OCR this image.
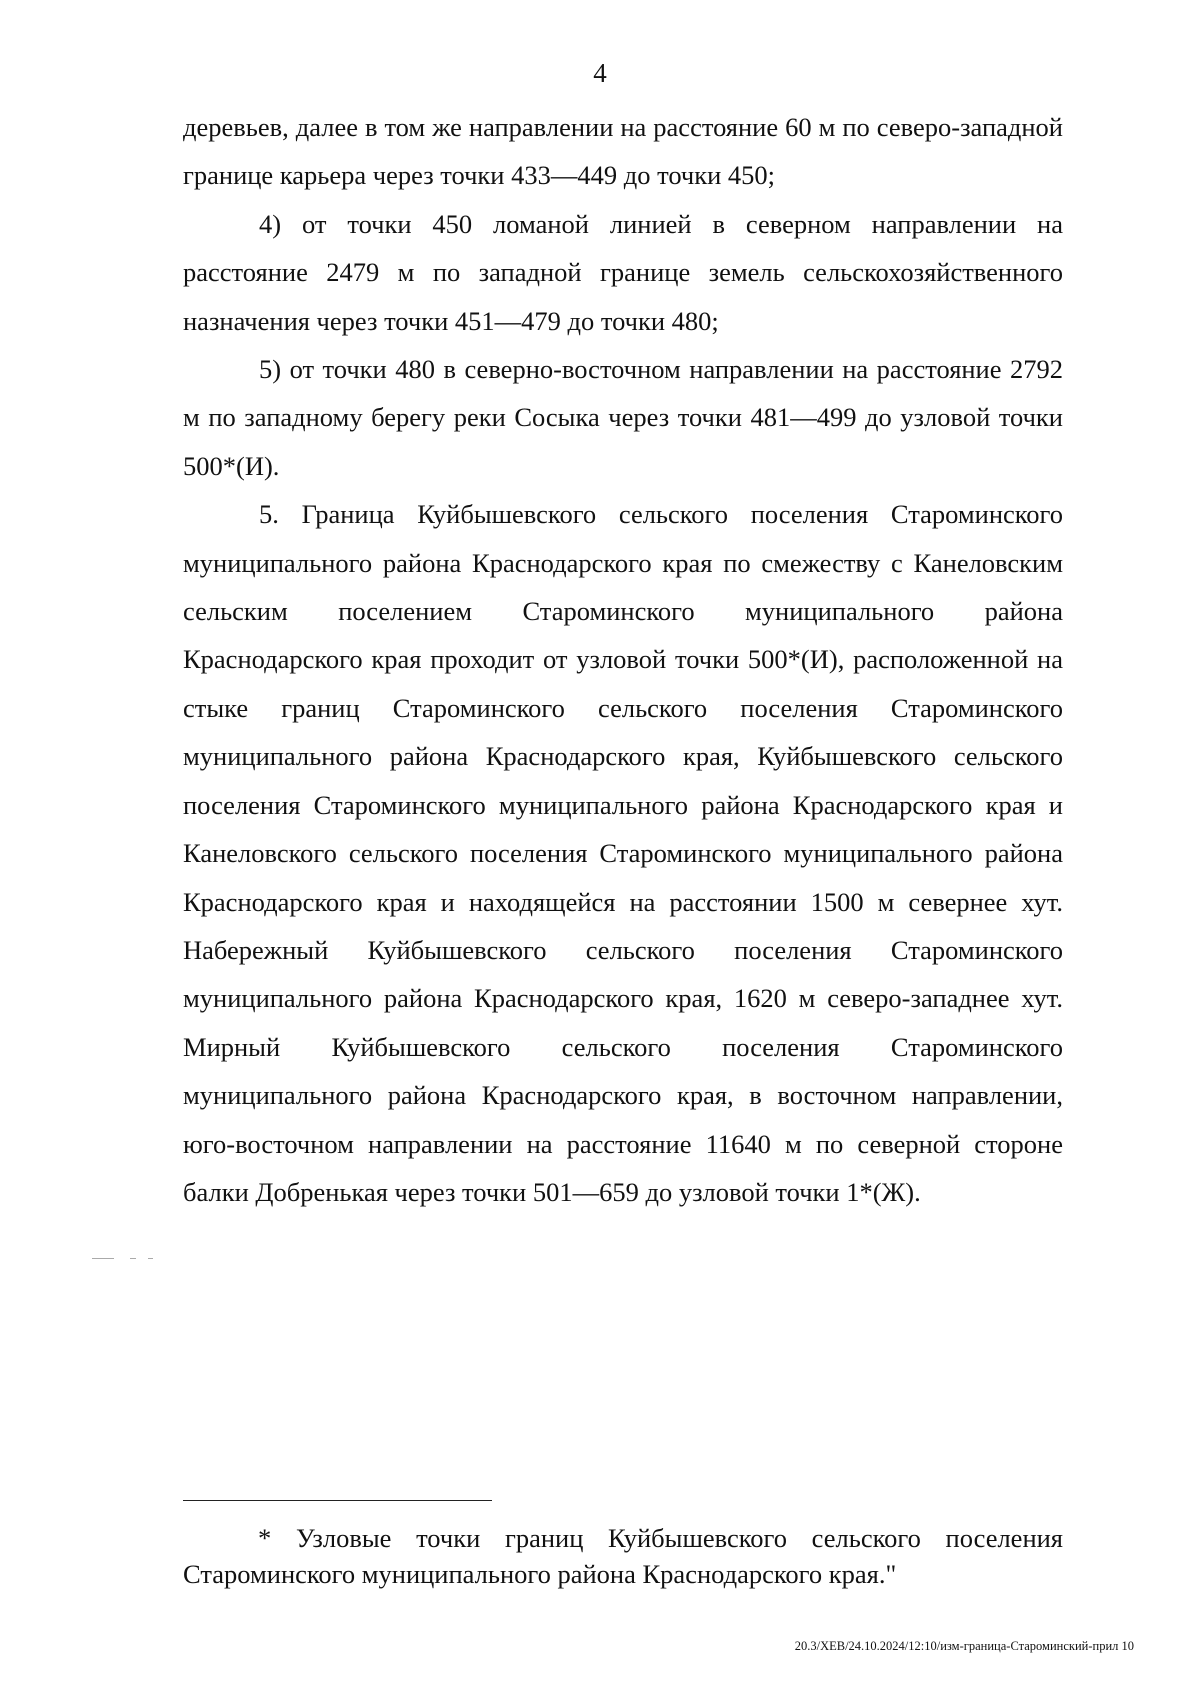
4

деревьев, далее в том же направлении на расстояние 60 м по северо-западной границе карьера через точки 433—449 до точки 450;

4) от точки 450 ломаной линией в северном направлении на расстояние 2479 м по западной границе земель сельскохозяйственного назначения через точки 451—479 до точки 480;

5) от точки 480 в северно-восточном направлении на расстояние 2792 м по западному берегу реки Сосыка через точки 481—499 до узловой точки 500*(И).

5. Граница Куйбышевского сельского поселения Староминского муниципального района Краснодарского края по смежеству с Канеловским сельским поселением Староминского муниципального района Краснодарского края проходит от узловой точки 500*(И), расположенной на стыке границ Староминского сельского поселения Староминского муниципального района Краснодарского края, Куйбышевского сельского поселения Староминского муниципального района Краснодарского края и Канеловского сельского поселения Староминского муниципального района Краснодарского края и находящейся на расстоянии 1500 м севернее хут. Набережный Куйбышевского сельского поселения Староминского муниципального района Краснодарского края, 1620 м северо-западнее хут. Мирный Куйбышевского сельского поселения Староминского муниципального района Краснодарского края, в восточном направлении, юго-восточном направлении на расстояние 11640 м по северной стороне балки Добренькая через точки 501—659 до узловой точки 1*(Ж).

* Узловые точки границ Куйбышевского сельского поселения Староминского муниципального района Краснодарского края."

20.3/ХЕВ/24.10.2024/12:10/изм-граница-Староминский-прил 10
